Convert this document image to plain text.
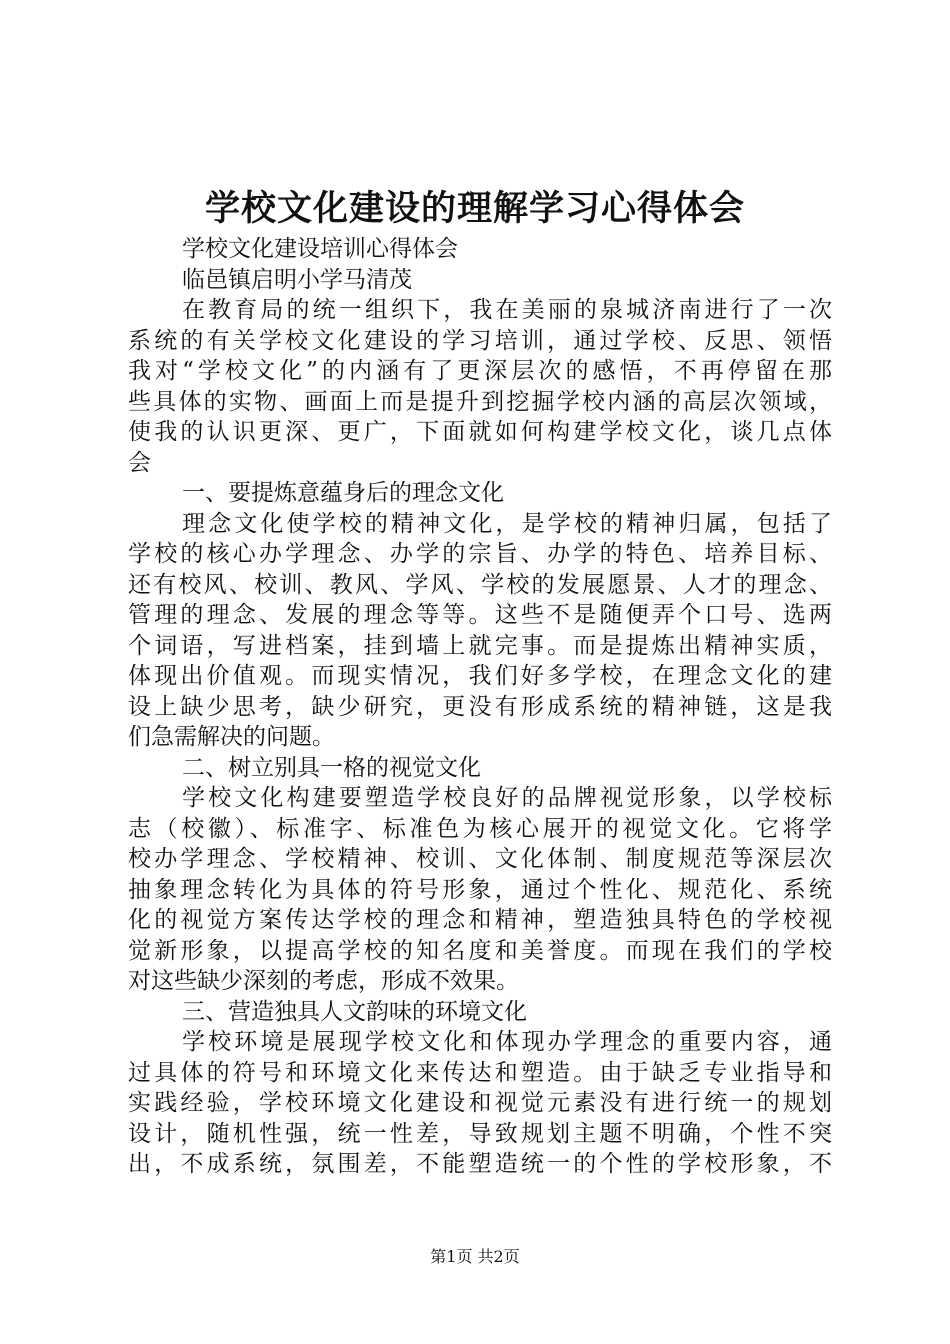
学校文化建设的理解学习心得体会
学校文化建设培训心得体会
临邑镇启明小学马清茂
在教育局的统一组织下，我在美丽的泉城济南进行了一次
系统的有关学校文化建设的学习培训，通过学校、反思、领悟
我对“学校文化”的内涵有了更深层次的感悟，不再停留在那
些具体的实物、画面上而是提升到挖掘学校内涵的高层次领域，
使我的认识更深、更广，下面就如何构建学校文化，谈几点体
会
一、要提炼意蕴身后的理念文化
理念文化使学校的精神文化，是学校的精神归属，包括了
学校的核心办学理念、办学的宗旨、办学的特色、培养目标、
还有校风、校训、教风、学风、学校的发展愿景、人才的理念、
管理的理念、发展的理念等等。这些不是随便弄个口号、选两
个词语，写进档案，挂到墙上就完事。而是提炼出精神实质，
体现出价值观。而现实情况，我们好多学校，在理念文化的建
设上缺少思考，缺少研究，更没有形成系统的精神链，这是我
们急需解决的问题。
二、树立别具一格的视觉文化
学校文化构建要塑造学校良好的品牌视觉形象，以学校标
志（校徽）、标准字、标准色为核心展开的视觉文化。它将学
校办学理念、学校精神、校训、文化体制、制度规范等深层次
抽象理念转化为具体的符号形象，通过个性化、规范化、系统
化的视觉方案传达学校的理念和精神，塑造独具特色的学校视
觉新形象，以提高学校的知名度和美誉度。而现在我们的学校
对这些缺少深刻的考虑，形成不效果。
三、营造独具人文韵味的环境文化
学校环境是展现学校文化和体现办学理念的重要内容，通
过具体的符号和环境文化来传达和塑造。由于缺乏专业指导和
实践经验，学校环境文化建设和视觉元素没有进行统一的规划
设计，随机性强，统一性差，导致规划主题不明确，个性不突
出，不成系统，氛围差，不能塑造统一的个性的学校形象，不
第1页 共2页
